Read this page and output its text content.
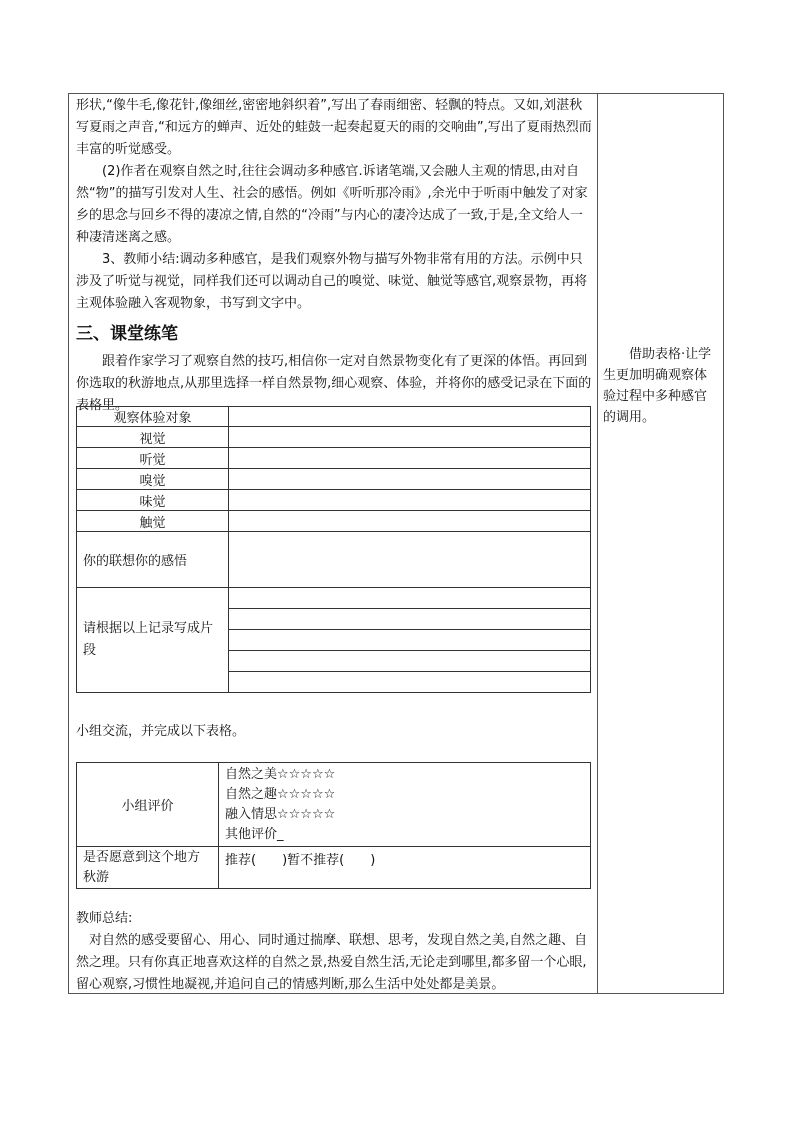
形状,“像牛毛,像花针,像细丝,密密地斜织着”,写出了春雨细密、轻飘的特点。又如,刘湛秋写夏雨之声音,“和远方的蝉声、近处的蛙鼓一起奏起夏天的雨的交响曲”,写出了夏雨热烈而丰富的听觉感受。

(2)作者在观察自然之时,往往会调动多种感官.诉诸笔端,又会融人主观的情思,由对自然“物”的描写引发对人生、社会的感悟。例如《听听那冷雨》,余光中于听雨中触发了对家乡的思念与回乡不得的凄凉之情,自然的“冷雨”与内心的凄冷达成了一致,于是,全文给人一种凄清迷离之感。

3、教师小结:调动多种感官，是我们观察外物与描写外物非常有用的方法。示例中只涉及了听觉与视觉，同样我们还可以调动自己的嗅觉、味觉、触觉等感官,观察景物，再将主观体验融入客观物象，书写到文字中。

三、课堂练笔

跟着作家学习了观察自然的技巧,相信你一定对自然景物变化有了更深的体悟。再回到你选取的秋游地点,从那里选择一样自然景物,细心观察、体验，并将你的感受记录在下面的表格里。

观察体验对象	
视觉	
听觉	
嗅觉	
味觉	
触觉	
你的联想你的感悟	
请根据以上记录写成片段	

小组交流，并完成以下表格。
小组评价	自然之美☆☆☆☆☆
自然之趣☆☆☆☆☆
融入情思☆☆☆☆☆
其他评价_

是否愿意到这个地方秋游	推荐(　　)暂不推荐(　　)

教师总结:

对自然的感受要留心、用心、同时通过揣摩、联想、思考，发现自然之美,自然之趣、自然之理。只有你真正地喜欢这样的自然之景,热爱自然生活,无论走到哪里,都多留一个心眼,留心观察,习惯性地凝视,并追问自己的情感判断,那么生活中处处都是美景。

借助表格·让学生更加明确观察体验过程中多种感官的调用。
